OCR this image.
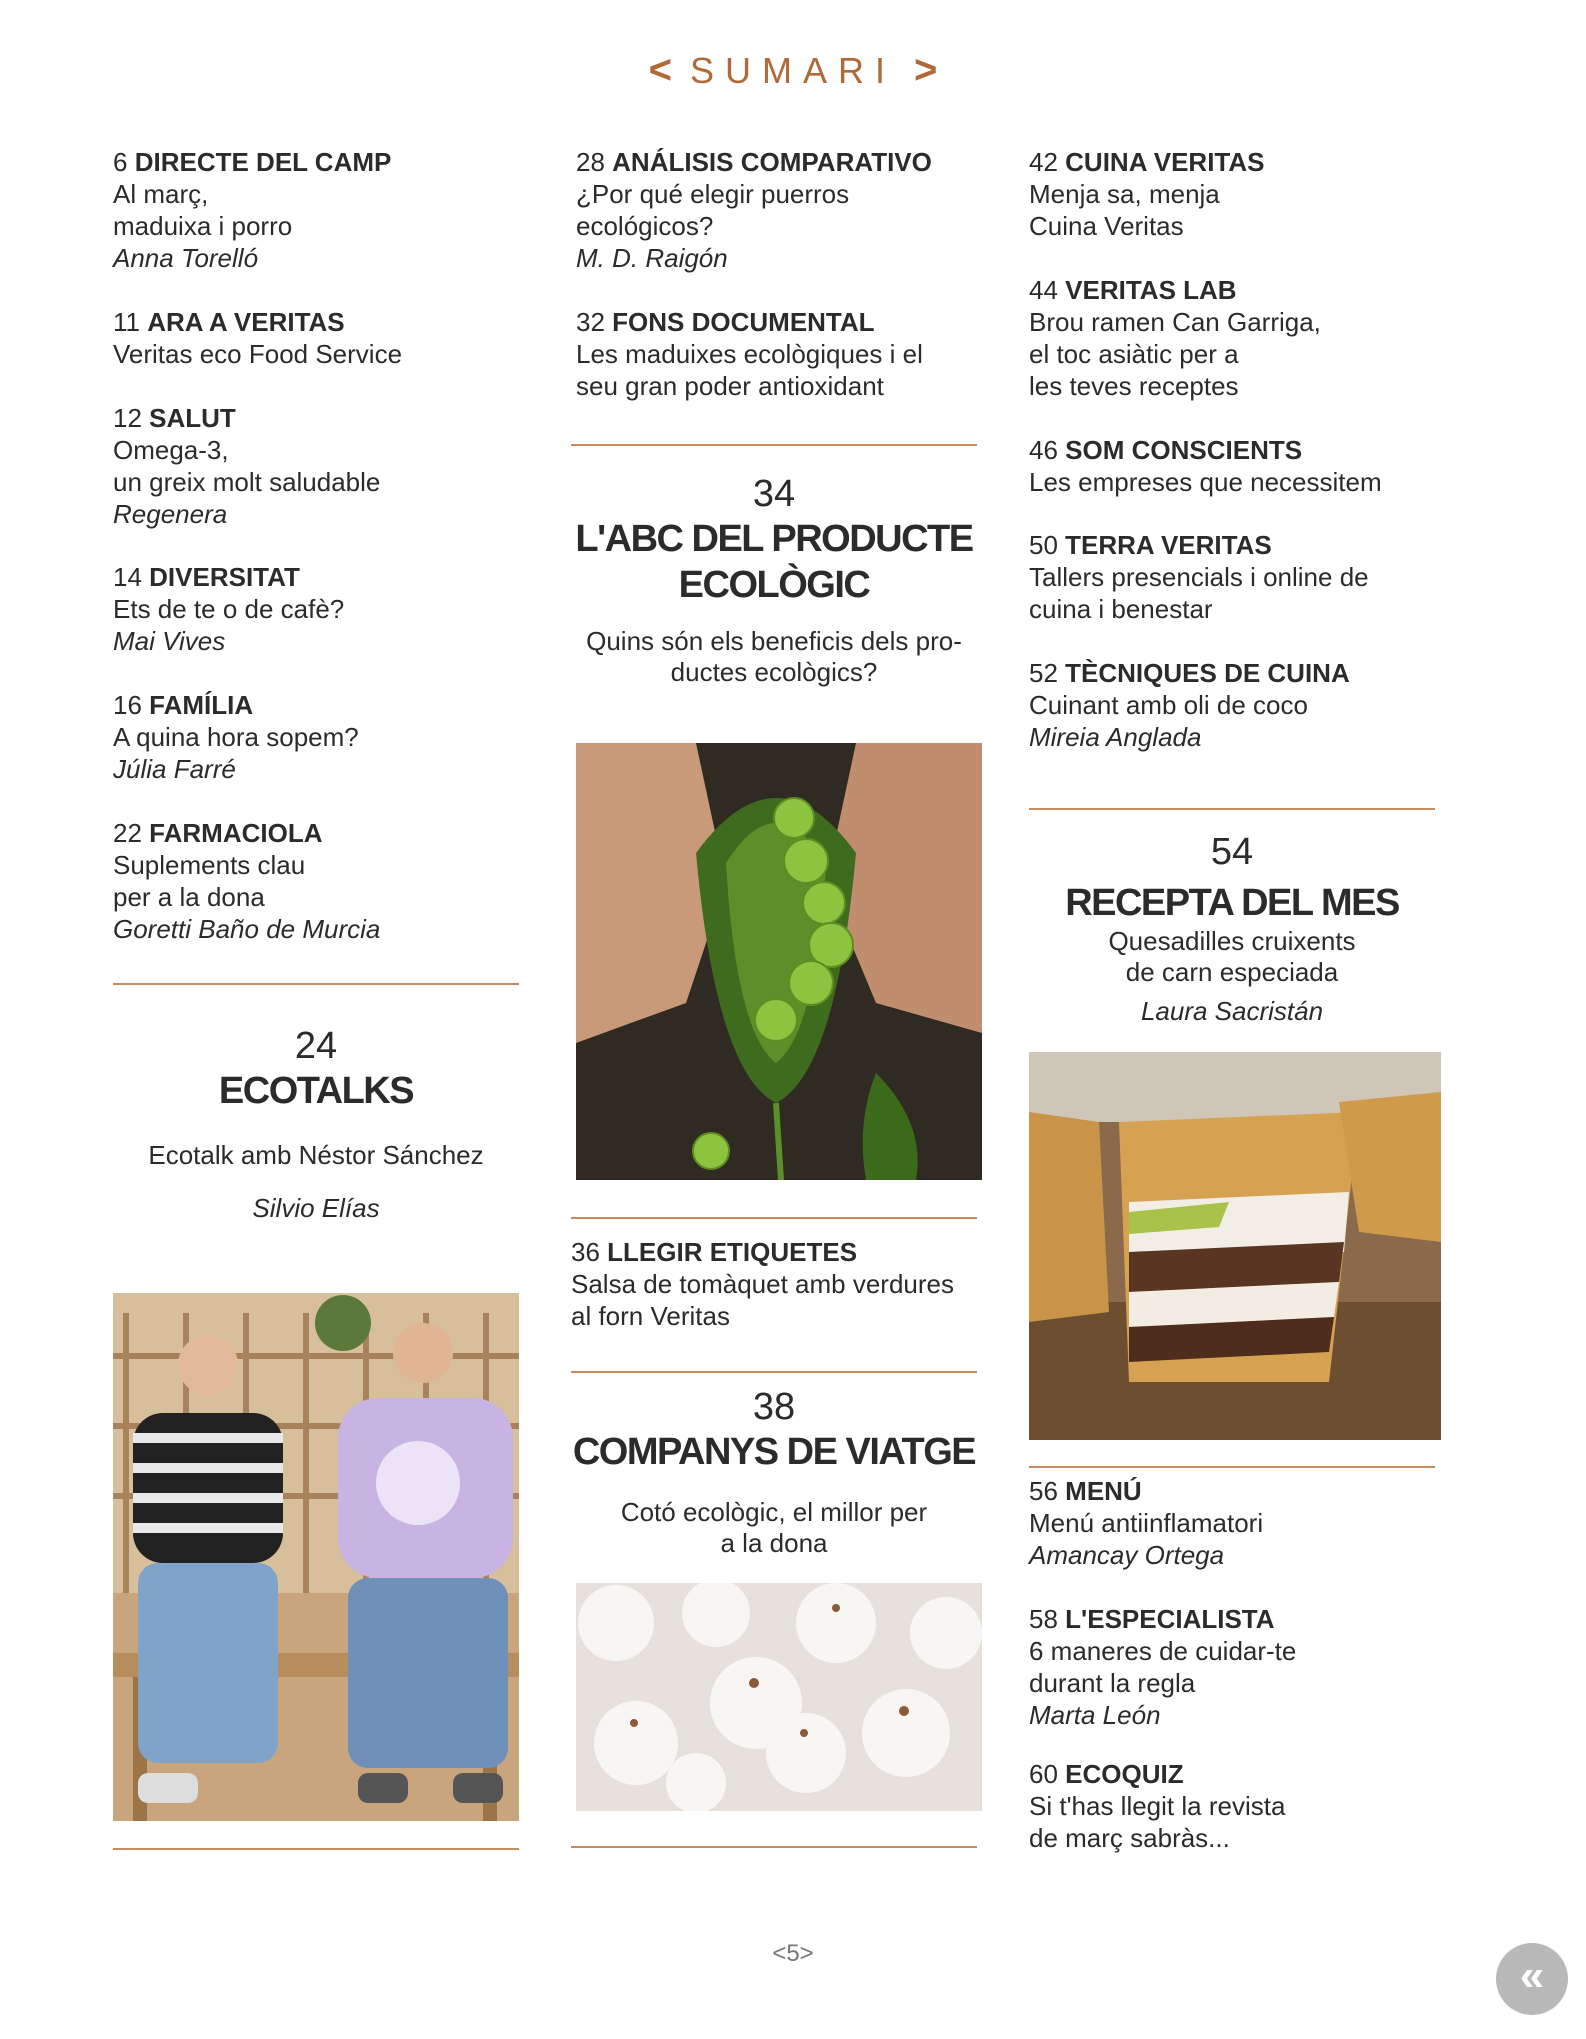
< SUMARI >
6 DIRECTE DEL CAMP
Al març,
maduixa i porro
Anna Torelló
11 ARA A VERITAS
Veritas eco Food Service
12 SALUT
Omega-3,
un greix molt saludable
Regenera
14 DIVERSITAT
Ets de te o de cafè?
Mai Vives
16 FAMÍLIA
A quina hora sopem?
Júlia Farré
22 FARMACIOLA
Suplements clau
per a la dona
Goretti Baño de Murcia
24
ECOTALKS
Ecotalk amb Néstor Sánchez
Silvio Elías
28 ANÁLISIS COMPARATIVO
¿Por qué elegir puerros
ecológicos?
M. D. Raigón
32 FONS DOCUMENTAL
Les maduixes ecològiques i el
seu gran poder antioxidant
34
L'ABC DEL PRODUCTE
ECOLÒGIC
Quins són els beneficis dels pro-
ductes ecològics?
36 LLEGIR ETIQUETES
Salsa de tomàquet amb verdures
al forn Veritas
38
COMPANYS DE VIATGE
Cotó ecològic, el millor per
a la dona
42 CUINA VERITAS
Menja sa, menja
Cuina Veritas
44 VERITAS LAB
Brou ramen Can Garriga,
el toc asiàtic per a
les teves receptes
46 SOM CONSCIENTS
Les empreses que necessitem
50 TERRA VERITAS
Tallers presencials i online de
cuina i benestar
52 TÈCNIQUES DE CUINA
Cuinant amb oli de coco
Mireia Anglada
54
RECEPTA DEL MES
Quesadilles cruixents
de carn especiada
Laura Sacristán
56 MENÚ
Menú antiinflamatori
Amancay Ortega
58 L'ESPECIALISTA
6 maneres de cuidar-te
durant la regla
Marta León
60 ECOQUIZ
Si t'has llegit la revista
de març sabràs...
<5>	«
